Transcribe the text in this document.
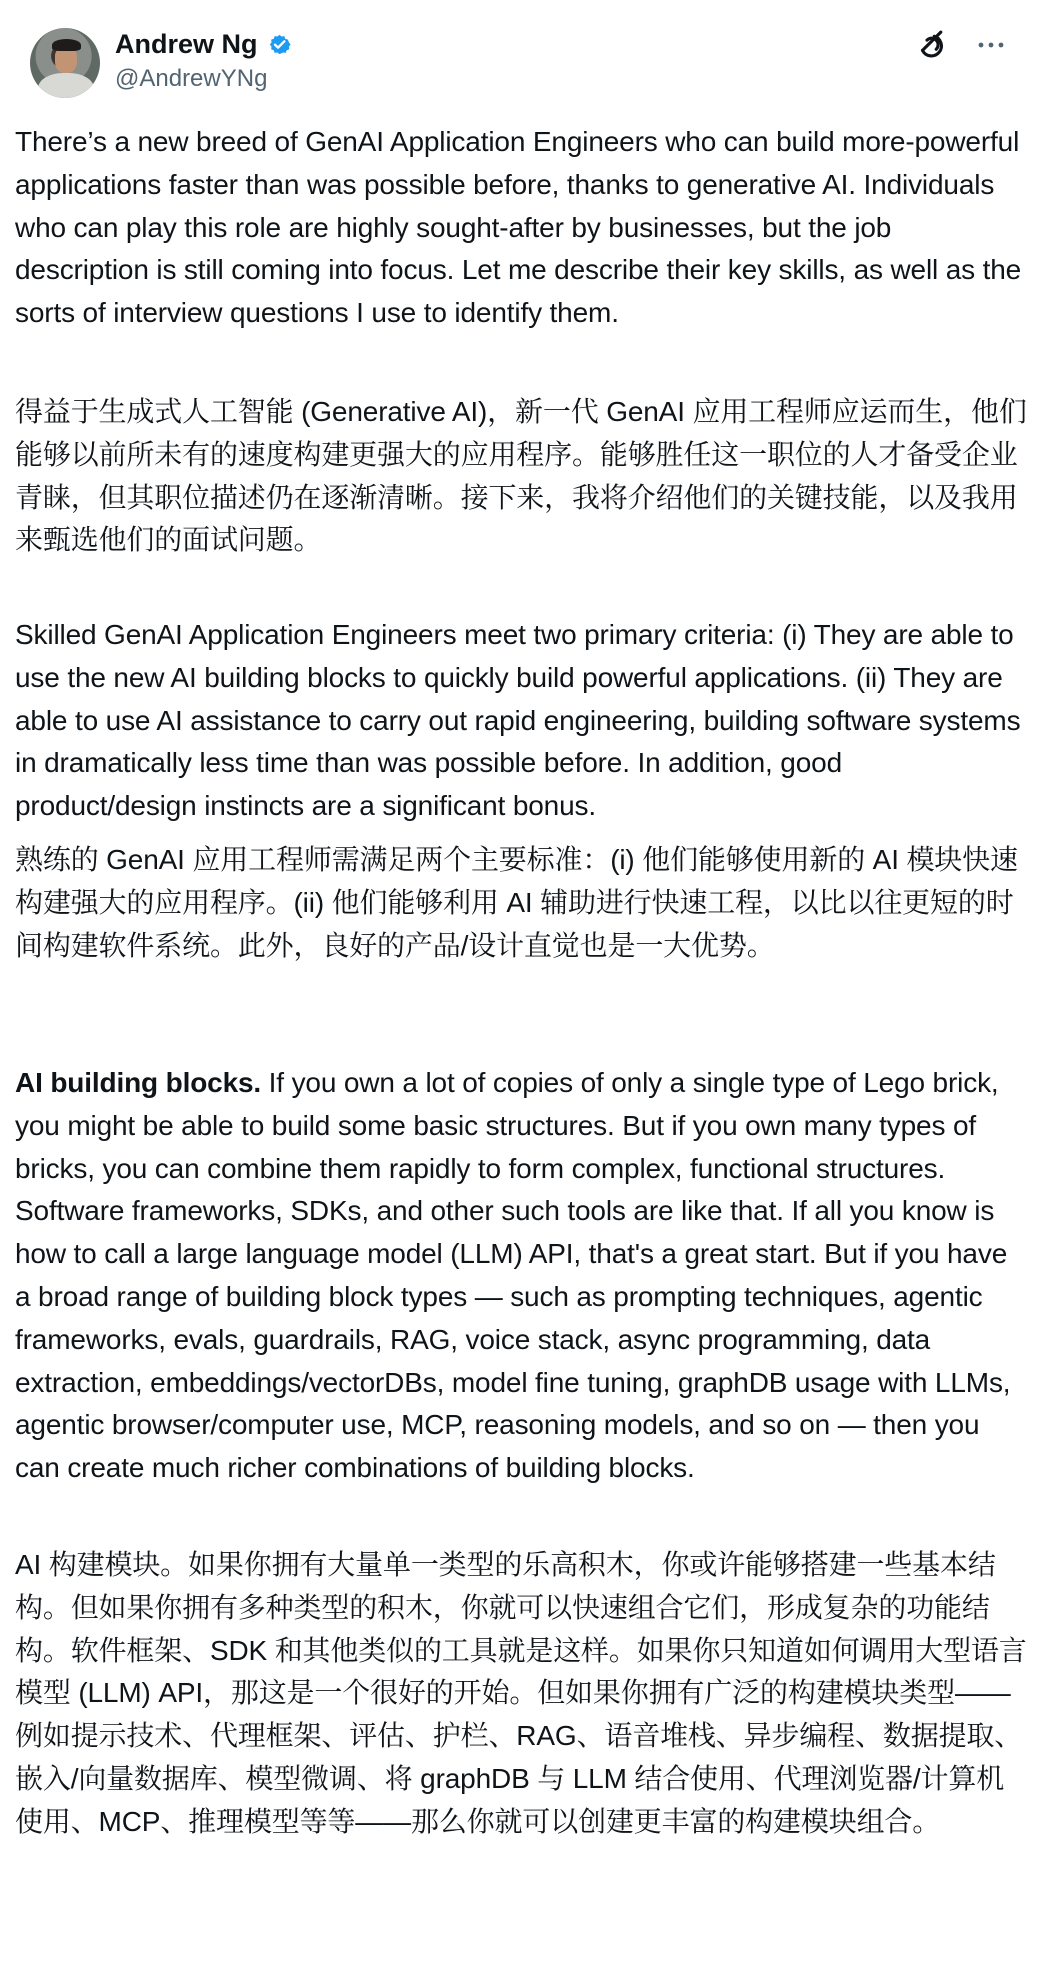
Andrew Ng
@AndrewYNg

There’s a new breed of GenAI Application Engineers who can build more-powerful applications faster than was possible before, thanks to generative AI. Individuals who can play this role are highly sought-after by businesses, but the job description is still coming into focus. Let me describe their key skills, as well as the sorts of interview questions I use to identify them.

得益于生成式人工智能 (Generative AI)，新一代 GenAI 应用工程师应运而生，他们能够以前所未有的速度构建更强大的应用程序。能够胜任这一职位的人才备受企业青睐，但其职位描述仍在逐渐清晰。接下来，我将介绍他们的关键技能，以及我用来甄选他们的面试问题。

Skilled GenAI Application Engineers meet two primary criteria: (i) They are able to use the new AI building blocks to quickly build powerful applications. (ii) They are able to use AI assistance to carry out rapid engineering, building software systems in dramatically less time than was possible before. In addition, good product/design instincts are a significant bonus.

熟练的 GenAI 应用工程师需满足两个主要标准：(i) 他们能够使用新的 AI 模块快速构建强大的应用程序。(ii) 他们能够利用 AI 辅助进行快速工程，以比以往更短的时间构建软件系统。此外，良好的产品/设计直觉也是一大优势。

AI building blocks. If you own a lot of copies of only a single type of Lego brick, you might be able to build some basic structures. But if you own many types of bricks, you can combine them rapidly to form complex, functional structures. Software frameworks, SDKs, and other such tools are like that. If all you know is how to call a large language model (LLM) API, that's a great start. But if you have a broad range of building block types — such as prompting techniques, agentic frameworks, evals, guardrails, RAG, voice stack, async programming, data extraction, embeddings/vectorDBs, model fine tuning, graphDB usage with LLMs, agentic browser/computer use, MCP, reasoning models, and so on — then you can create much richer combinations of building blocks.

AI 构建模块。如果你拥有大量单一类型的乐高积木，你或许能够搭建一些基本结构。但如果你拥有多种类型的积木，你就可以快速组合它们，形成复杂的功能结构。软件框架、SDK 和其他类似的工具就是这样。如果你只知道如何调用大型语言模型 (LLM) API，那这是一个很好的开始。但如果你拥有广泛的构建模块类型——例如提示技术、代理框架、评估、护栏、RAG、语音堆栈、异步编程、数据提取、嵌入/向量数据库、模型微调、将 graphDB 与 LLM 结合使用、代理浏览器/计算机使用、MCP、推理模型等等——那么你就可以创建更丰富的构建模块组合。
